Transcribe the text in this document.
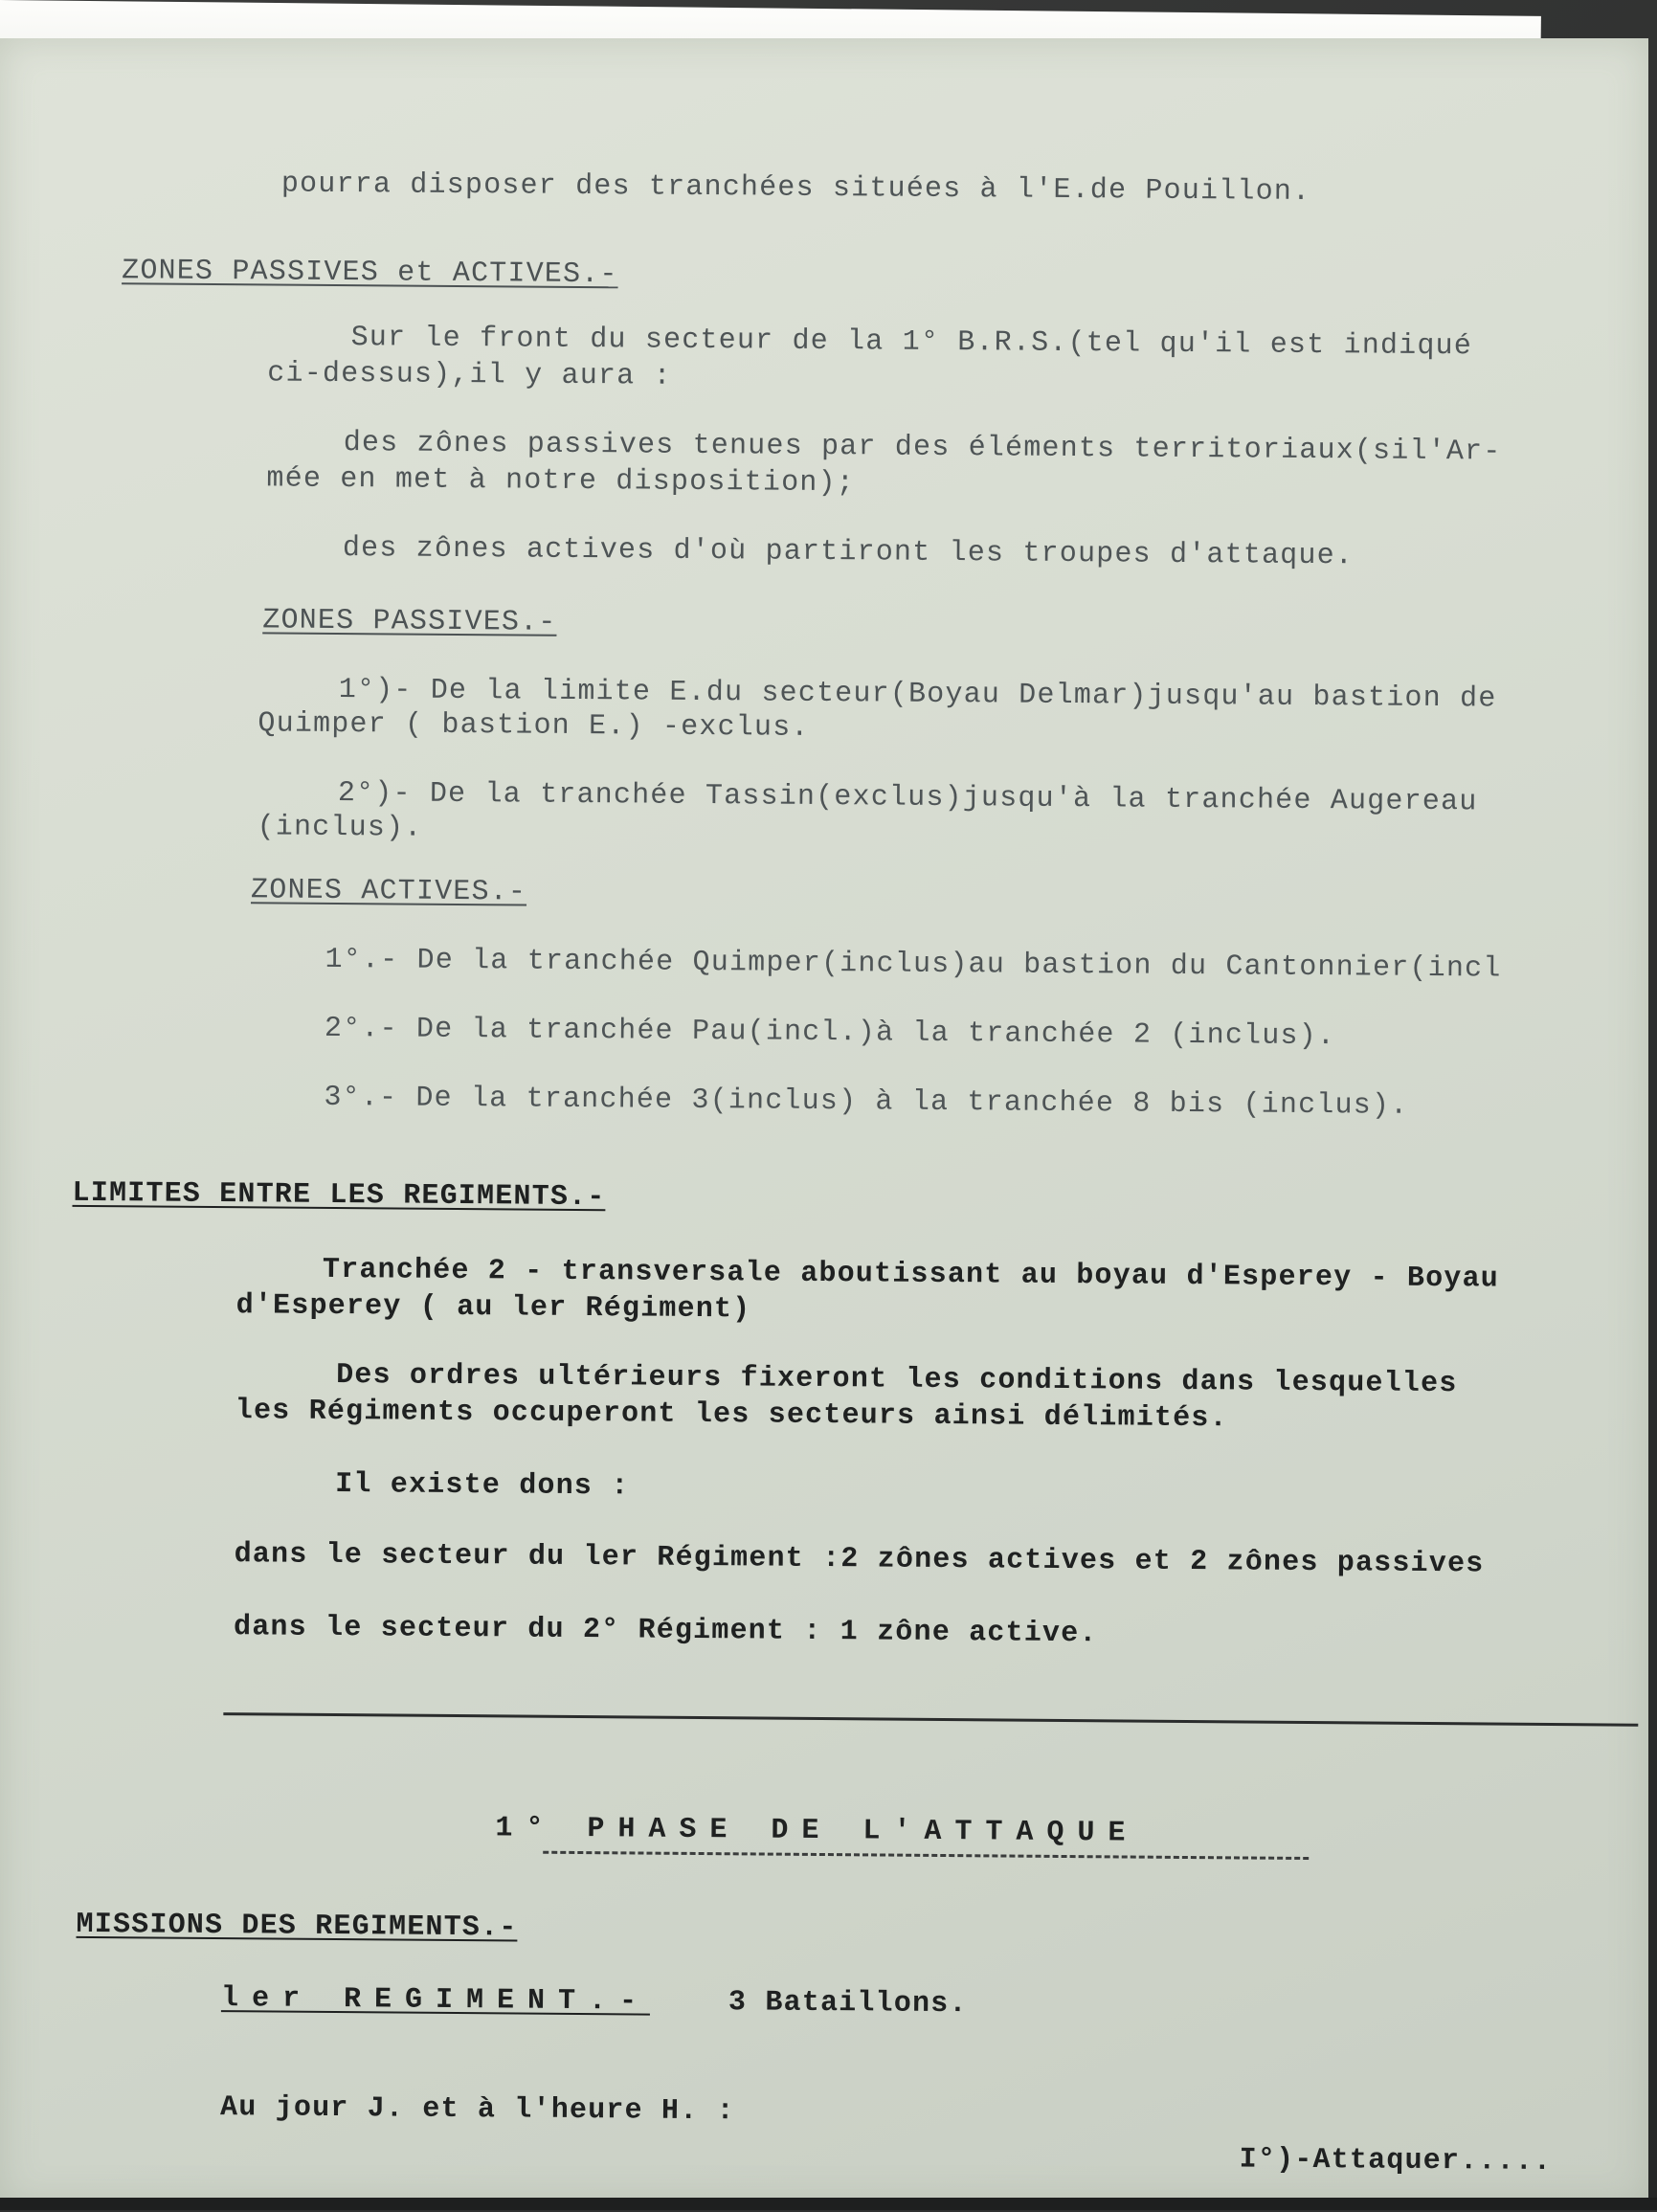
pourra disposer des tranchées situées à l'E.de Pouillon.
ZONES PASSIVES et ACTIVES.-
Sur le front du secteur de la 1° B.R.S.(tel qu'il est indiqué
ci-dessus),il y aura :
des zônes passives tenues par des éléments territoriaux(sil'Ar-
mée en met à notre disposition);
des zônes actives d'où partiront les troupes d'attaque.
ZONES PASSIVES.-
1°)- De la limite E.du secteur(Boyau Delmar)jusqu'au bastion de
Quimper ( bastion E.) -exclus.
2°)- De la tranchée Tassin(exclus)jusqu'à la tranchée Augereau
(inclus).
ZONES ACTIVES.-
1°.- De la tranchée Quimper(inclus)au bastion du Cantonnier(incl
2°.- De la tranchée Pau(incl.)à la tranchée 2 (inclus).
3°.- De la tranchée 3(inclus) à la tranchée 8 bis (inclus).
LIMITES ENTRE LES REGIMENTS.-
Tranchée 2 - transversale aboutissant au boyau d'Esperey - Boyau
d'Esperey ( au ler Régiment)
Des ordres ultérieurs fixeront les conditions dans lesquelles
les Régiments occuperont les secteurs ainsi délimités.
Il existe dons :
dans le secteur du ler Régiment :2 zônes actives et 2 zônes passives
dans le secteur du 2° Régiment : 1 zône active.
1° PHASE DE L'ATTAQUE
MISSIONS DES REGIMENTS.-
ler REGIMENT.-	3 Bataillons.
Au jour J. et à l'heure H. :
I°)-Attaquer.....
